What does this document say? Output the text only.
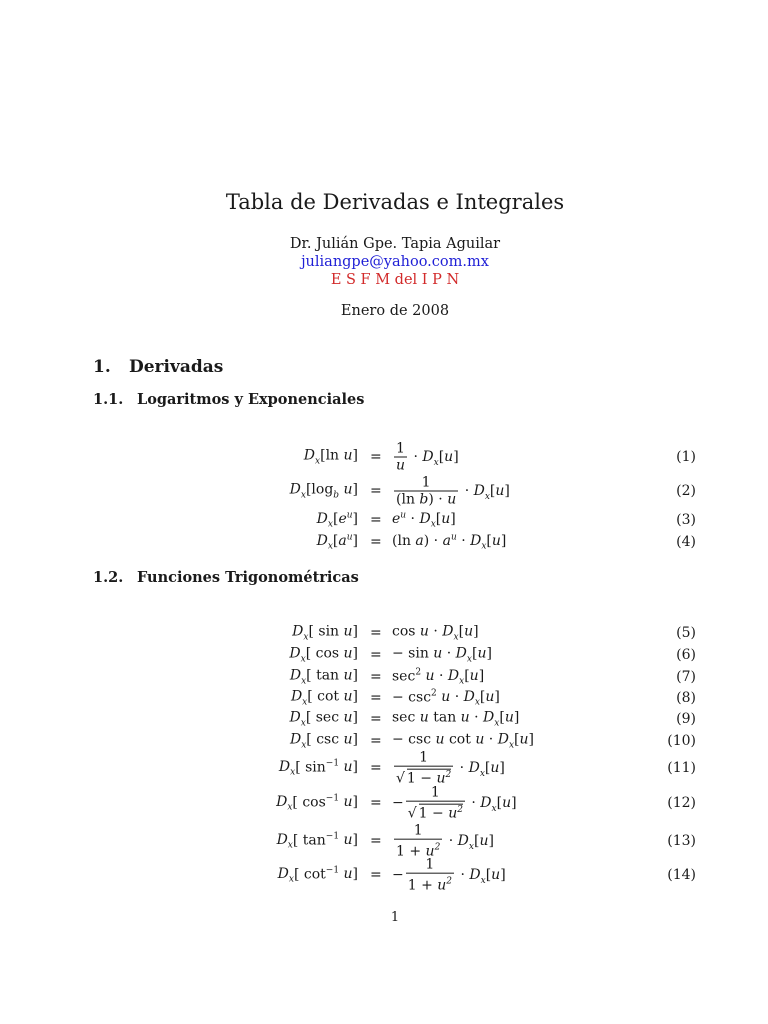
Tabla de Derivadas e Integrales
Dr. Julián Gpe. Tapia Aguilar
juliangpe@yahoo.com.mx
E S F M del I P N
Enero de 2008
1. Derivadas
1.1. Logaritmos y Exponenciales
$D_x[\ln$ $u] = \frac{1}{u} \cdot D_x[u]$	(1)
$D_x[\log_b$ $u] = \frac{1}{\text{(ln b) · u}} \cdot D_x[u]$	(2)
$D_x[e^u] = e^u \cdot D_x[u]$	(3)
$D_x[a^u] = (\ln$ $a) \cdot a^u \cdot D_x[u]$	(4)
1.2. Funciones Trigonométricas
$D_x$[ $\sin u] = \cos u \cdot D_x[u]$	(5)
$D_x$[ cos u] = − $\sin u \cdot D_x[u]$	(6)
$D_x$[ $\tan u] = \sec^2 u \cdot D_x[u]$	(7)
$D_x$[ cot u] = − $\csc^2 u \cdot D_x[u]$	(8)
$D_x$[ sec u] = sec u $\tan u \cdot D_x[u]$	(9)
$D_x$[ csc u] = − csc u $\cot u \cdot D_x[u]$	(10)
$D_x$[ $\sin^{-1} u] = \frac{1}{√ 1 - u^2} \cdot D_x[u]$	(11)
$D_x$[ $\cos^{-1} u$] = − $\frac{1}{√ 1 - u^2} \cdot D_x[u]$	(12)
$D_x$[ $\tan^{-1} u] = \frac{1}{1 + u^2} \cdot D_x[u]$	(13)
$D_x$[ $\cot^{-1} u$] = − $\frac{1}{1 + u^2} \cdot D_x[u]$	(14)
1
